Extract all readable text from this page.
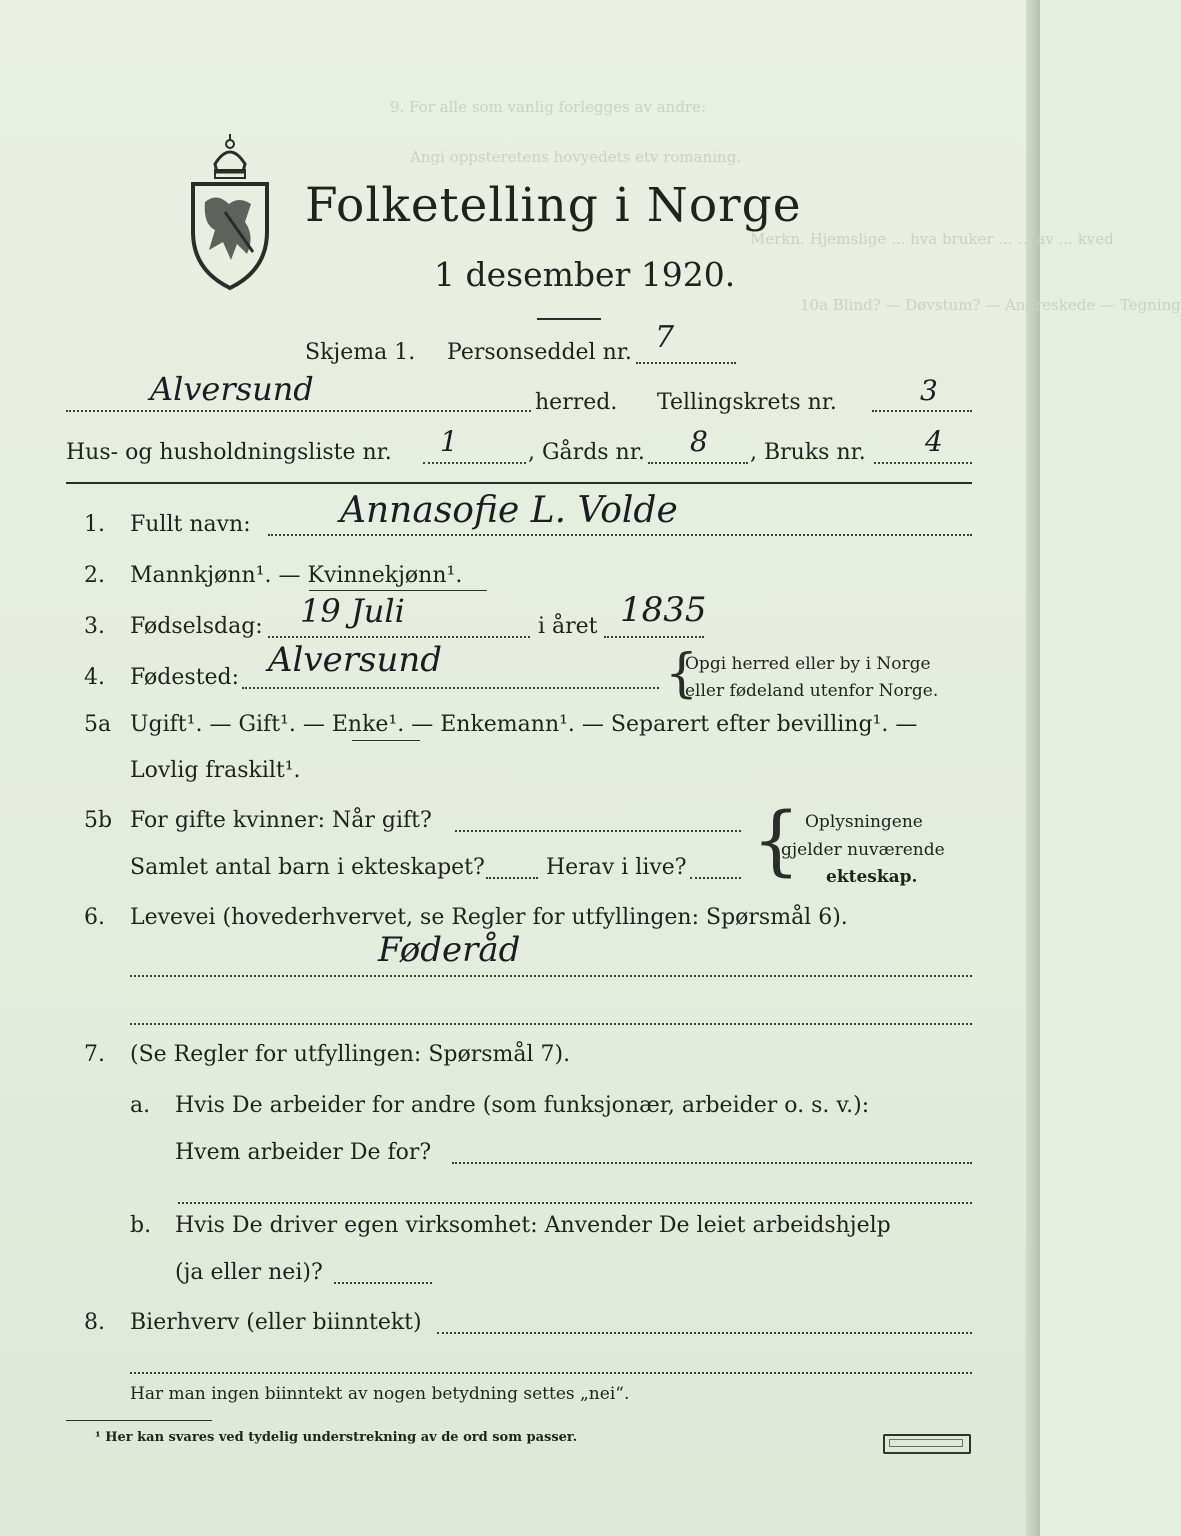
9. For alle som vanlig forlegges av andre:
Angi oppsteretens hovyedets etv romaning.
Merkn. Hjemslige ... hva bruker ... ... av ... kved
10a Blind? — Døvstum? — Andreskede — Tegning
Folketelling i Norge
1 desember 1920.
Skjema 1. Personseddel nr. 7
Alversund	herred. Tellingskrets nr.	3
Hus- og husholdningsliste nr. 1	, Gårds nr. 8 , Bruks nr. 4
1. Fullt navn: Annasofie L. Volde
2. Mannkjønn¹. — Kvinnekjønn¹.
3. Fødselsdag: 19 Juli	i året 1835
4. Fødested: Alversund	{
Opgi herred eller by i Norge
eller fødeland utenfor Norge.
5a Ugift¹. — Gift¹. — Enke¹. — Enkemann¹. — Separert efter bevilling¹. —
Lovlig fraskilt¹.
5b For gifte kvinner: Når gift?
Samlet antal barn i ekteskapet?	Herav i live? { Oplysningene
gjelder nuværende
ekteskap.
6. Levevei (hovederhvervet, se Regler for utfyllingen: Spørsmål 6).
Føderåd
7. (Se Regler for utfyllingen: Spørsmål 7).
a. Hvis De arbeider for andre (som funksjonær, arbeider o. s. v.):
Hvem arbeider De for?
b. Hvis De driver egen virksomhet: Anvender De leiet arbeidshjelp
(ja eller nei)?
8. Bierhverv (eller biinntekt)
Har man ingen biinntekt av nogen betydning settes „nei“.
¹ Her kan svares ved tydelig understrekning av de ord som passer.
